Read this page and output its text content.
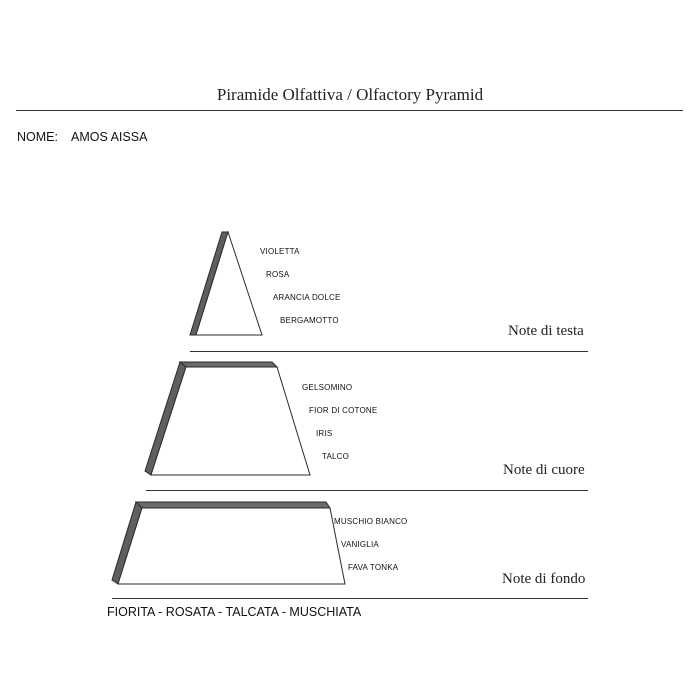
Piramide Olfattiva / Olfactory Pyramid
NOME: AMOS AISSA
VIOLETTA
ROSA
ARANCIA DOLCE
BERGAMOTTO
Note di testa
GELSOMINO
FIOR DI COTONE
IRIS
TALCO
Note di cuore
MUSCHIO BIANCO
VANIGLIA
FAVA TONKA
Note di fondo
FIORITA - ROSATA - TALCATA - MUSCHIATA
